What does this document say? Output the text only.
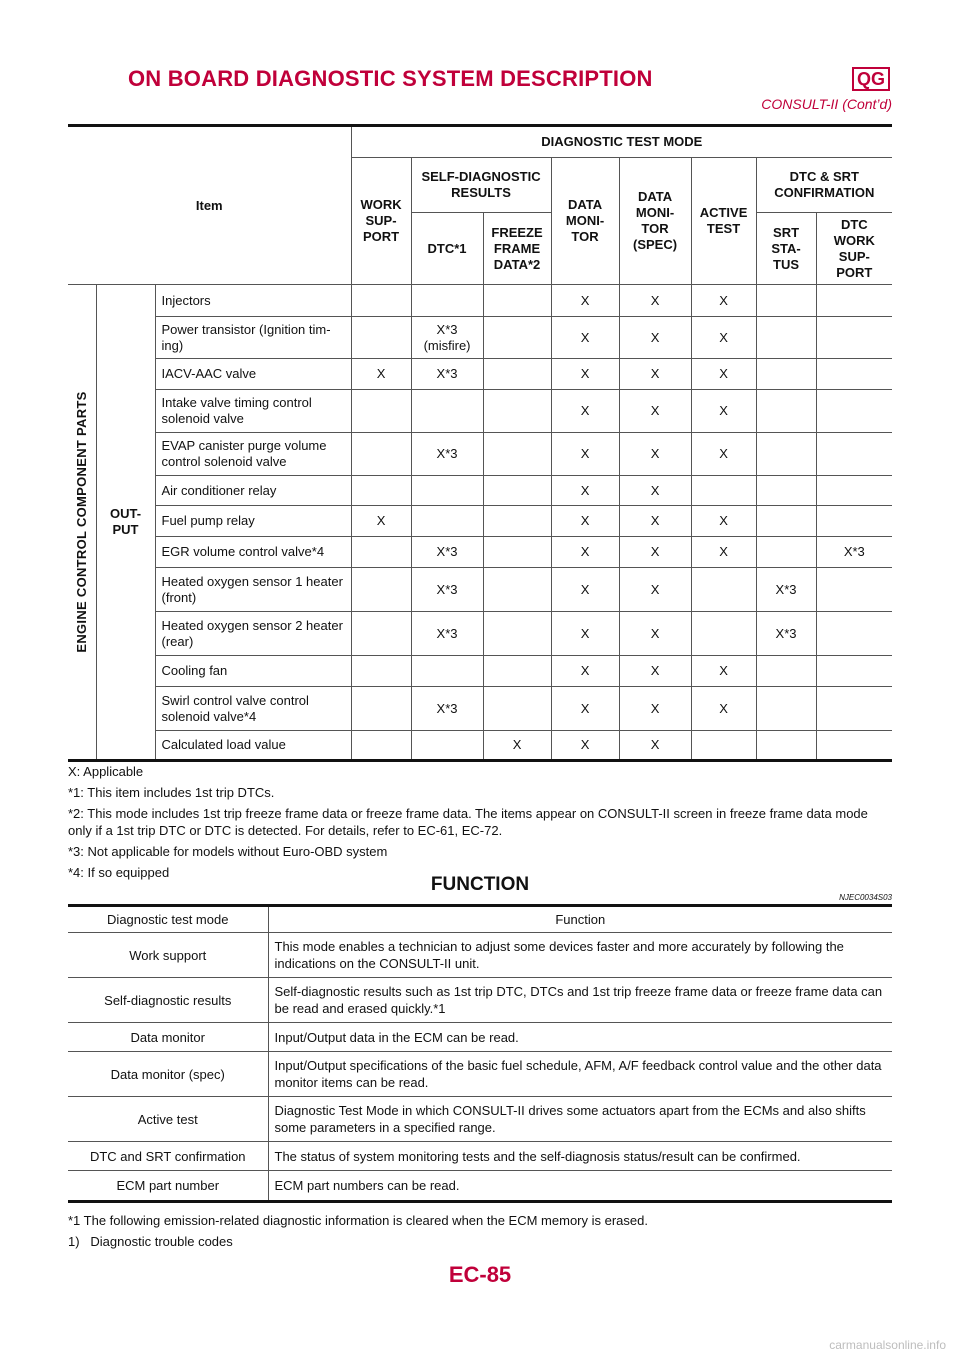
ON BOARD DIAGNOSTIC SYSTEM DESCRIPTION	QG
CONSULT-II (Cont’d)
Item			DIAGNOSTIC TEST MODE							
			WORK SUP- PORT	SELF-DIAGNOSTIC RESULTS		DATA MONI- TOR	DATA MONI- TOR (SPEC)	ACTIVE TEST	DTC & SRT CONFIRMATION	
				DTC*1	FREEZE FRAME DATA*2				SRT STA- TUS	DTC WORK SUP- PORT

ENGINE CONTROL COMPONENT PARTS	OUT- PUT	Injectors				X	X	X		
		Power transistor (Ignition tim- ing)		X*3 (misfire)		X	X	X		
		IACV-AAC valve	X	X*3		X	X	X		
		Intake valve timing control solenoid valve				X	X	X		
		EVAP canister purge volume control solenoid valve		X*3		X	X	X		
		Air conditioner relay				X	X			
		Fuel pump relay	X			X	X	X		
		EGR volume control valve*4		X*3		X	X	X		X*3
		Heated oxygen sensor 1 heater (front)		X*3		X	X		X*3	
		Heated oxygen sensor 2 heater (rear)		X*3		X	X		X*3	
		Cooling fan				X	X	X		
		Swirl control valve control solenoid valve*4		X*3		X	X	X		
		Calculated load value			X	X	X			

X: Applicable

*1: This item includes 1st trip DTCs.

*2: This mode includes 1st trip freeze frame data or freeze frame data. The items appear on CONSULT-II screen in freeze frame data mode only if a 1st trip DTC or DTC is detected. For details, refer to EC-61, EC-72.

*3: Not applicable for models without Euro-OBD system

*4: If so equipped

FUNCTION
NJEC0034S03
Diagnostic test mode	Function
Work support	This mode enables a technician to adjust some devices faster and more accurately by following the indications on the CONSULT-II unit.
Self-diagnostic results	Self-diagnostic results such as 1st trip DTC, DTCs and 1st trip freeze frame data or freeze frame data can be read and erased quickly.*1
Data monitor	Input/Output data in the ECM can be read.
Data monitor (spec)	Input/Output specifications of the basic fuel schedule, AFM, A/F feedback control value and the other data monitor items can be read.
Active test	Diagnostic Test Mode in which CONSULT-II drives some actuators apart from the ECMs and also shifts some parameters in a specified range.
DTC and SRT confirmation	The status of system monitoring tests and the self-diagnosis status/result can be confirmed.
ECM part number	ECM part numbers can be read.

*1 The following emission-related diagnostic information is cleared when the ECM memory is erased.

1)   Diagnostic trouble codes

EC-85
carmanualsonline.info
